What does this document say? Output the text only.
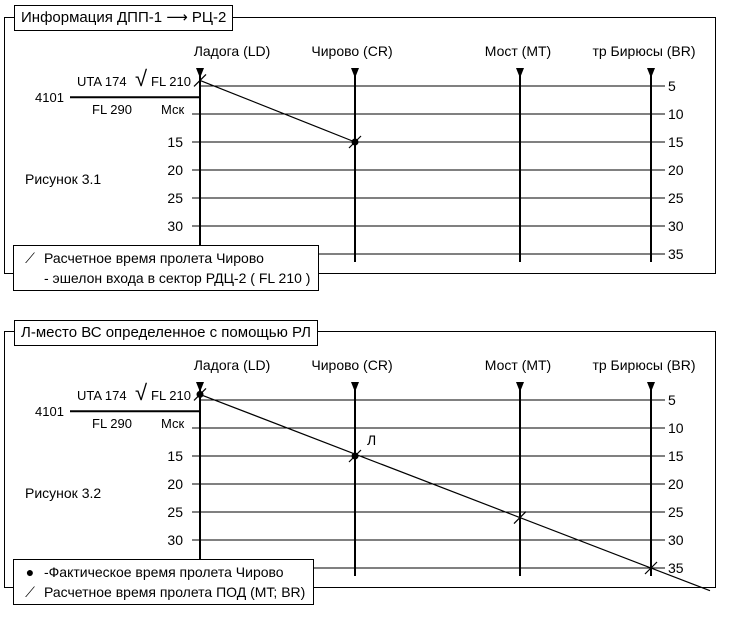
Ладога (LD)	Чирово (CR)	Мост (MT)	тр Бирюсы (BR)
15
20
25
30
5
10
15
20
25
30
35
4101
UTA 174 √ FL 210
FL 290 Мск
Рисунок 3.1
Информация ДПП-1 ⟶ РЦ-2
⟋ Расчетное время пролета Чирово
- эшелон входа в сектор РДЦ-2 ( FL 210 )
Ладога (LD)	Чирово (CR)	Мост (MT)	тр Бирюсы (BR)
15
20
25
30
5
10
15
20
25
30
35
4101
UTA 174 √ FL 210
FL 290 Мск
Рисунок 3.2
Л
Л-место ВС определенное с помощью РЛ
● -Фактическое время пролета Чирово
⟋ Расчетное время пролета ПОД (MT; BR)
